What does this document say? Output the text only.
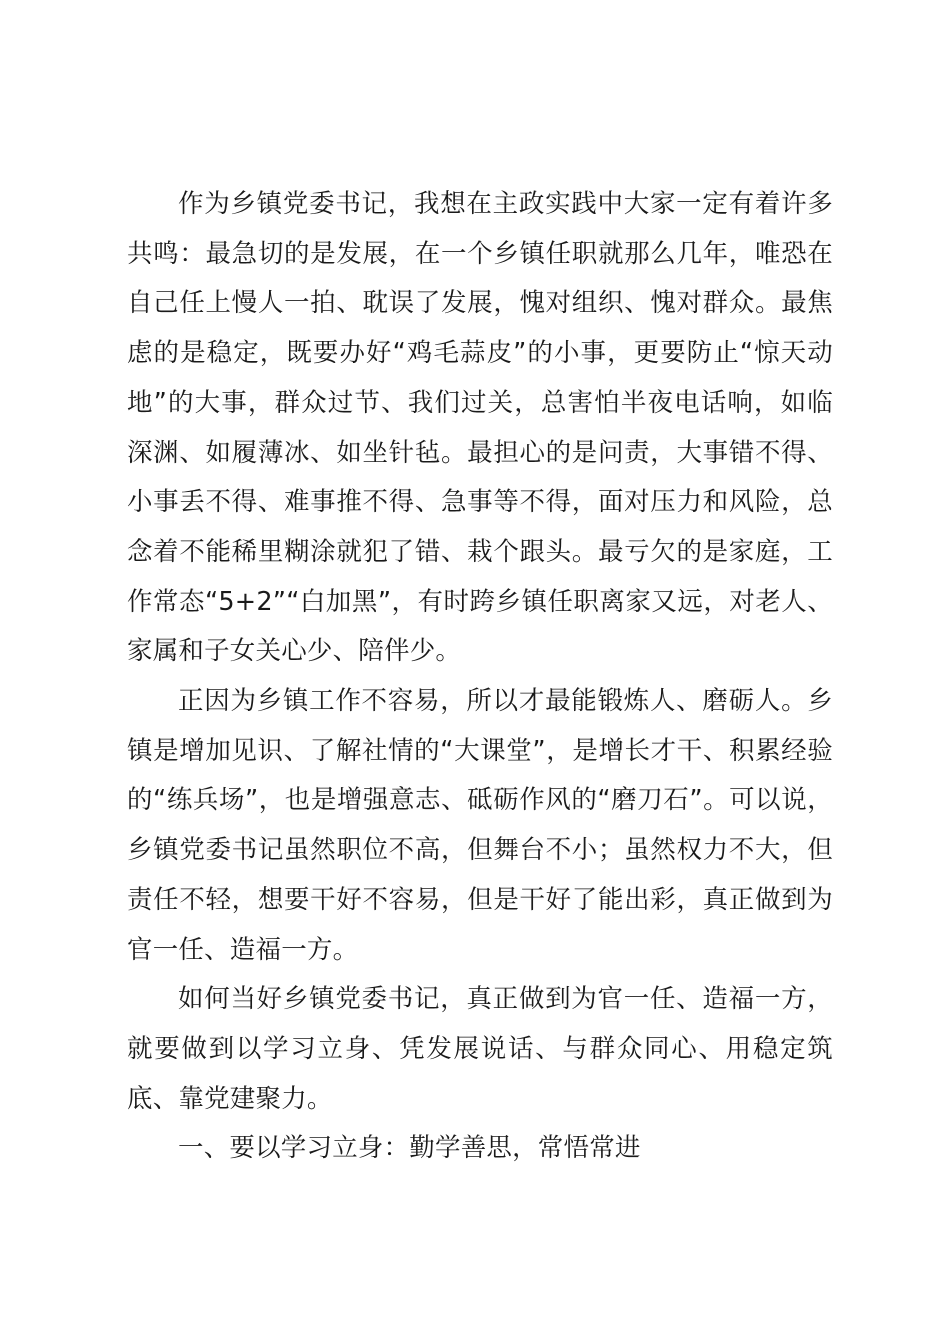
作为乡镇党委书记，我想在主政实践中大家一定有着许多共鸣：最急切的是发展，在一个乡镇任职就那么几年，唯恐在自己任上慢人一拍、耽误了发展，愧对组织、愧对群众。最焦虑的是稳定，既要办好“鸡毛蒜皮”的小事，更要防止“惊天动地”的大事，群众过节、我们过关，总害怕半夜电话响，如临深渊、如履薄冰、如坐针毡。最担心的是问责，大事错不得、小事丢不得、难事推不得、急事等不得，面对压力和风险，总念着不能稀里糊涂就犯了错、栽个跟头。最亏欠的是家庭，工作常态“5+2”“白加黑”，有时跨乡镇任职离家又远，对老人、家属和子女关心少、陪伴少。

正因为乡镇工作不容易，所以才最能锻炼人、磨砺人。乡镇是增加见识、了解社情的“大课堂”，是增长才干、积累经验的“练兵场”，也是增强意志、砥砺作风的“磨刀石”。可以说，乡镇党委书记虽然职位不高，但舞台不小；虽然权力不大，但责任不轻，想要干好不容易，但是干好了能出彩，真正做到为官一任、造福一方。

如何当好乡镇党委书记，真正做到为官一任、造福一方，就要做到以学习立身、凭发展说话、与群众同心、用稳定筑底、靠党建聚力。

一、要以学习立身：勤学善思，常悟常进
